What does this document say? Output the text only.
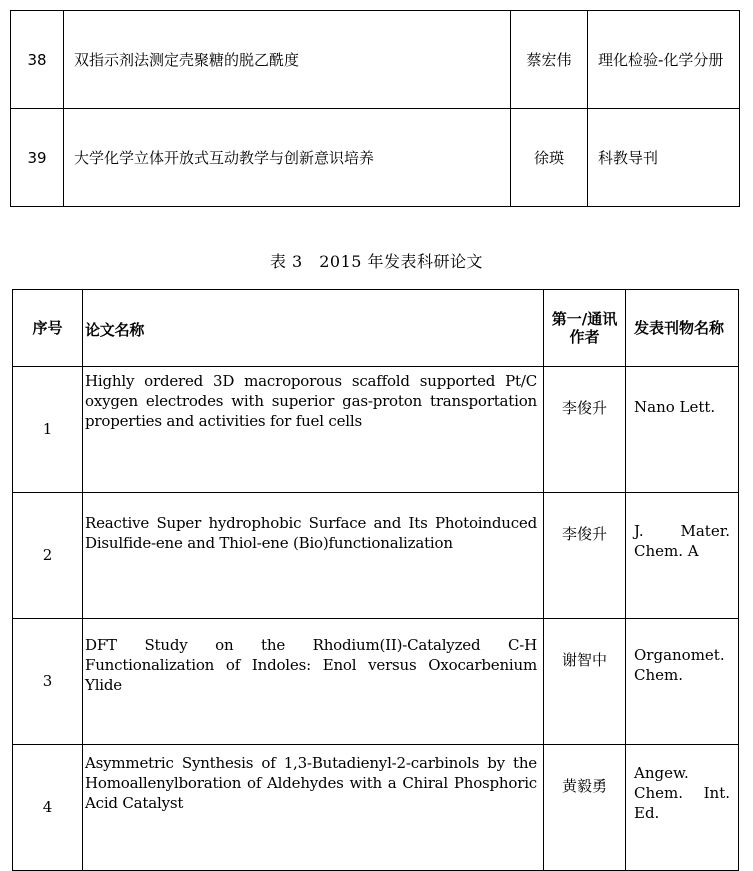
38	双指示剂法测定壳聚糖的脱乙酰度	蔡宏伟	理化检验-化学分册
39	大学化学立体开放式互动教学与创新意识培养	徐瑛	科教导刊
表 3　2015 年发表科研论文
序号	论文名称	第一/通讯作者	发表刊物名称
1	Highly ordered 3D macroporous scaffold supported Pt/C oxygen electrodes with superior gas-proton transportation properties and activities for fuel cells	李俊升	Nano Lett.
2	Reactive Super hydrophobic Surface and Its Photoinduced Disulfide-ene and Thiol-ene (Bio)functionalization	李俊升	J. Mater. Chem. A
3	DFT Study on the Rhodium(II)-Catalyzed C-H Functionalization of Indoles: Enol versus Oxocarbenium Ylide	谢智中	Organomet. Chem.
4	Asymmetric Synthesis of 1,3-Butadienyl-2-carbinols by the Homoallenylboration of Aldehydes with a Chiral Phosphoric Acid Catalyst	黄毅勇	Angew. Chem. Int. Ed.
